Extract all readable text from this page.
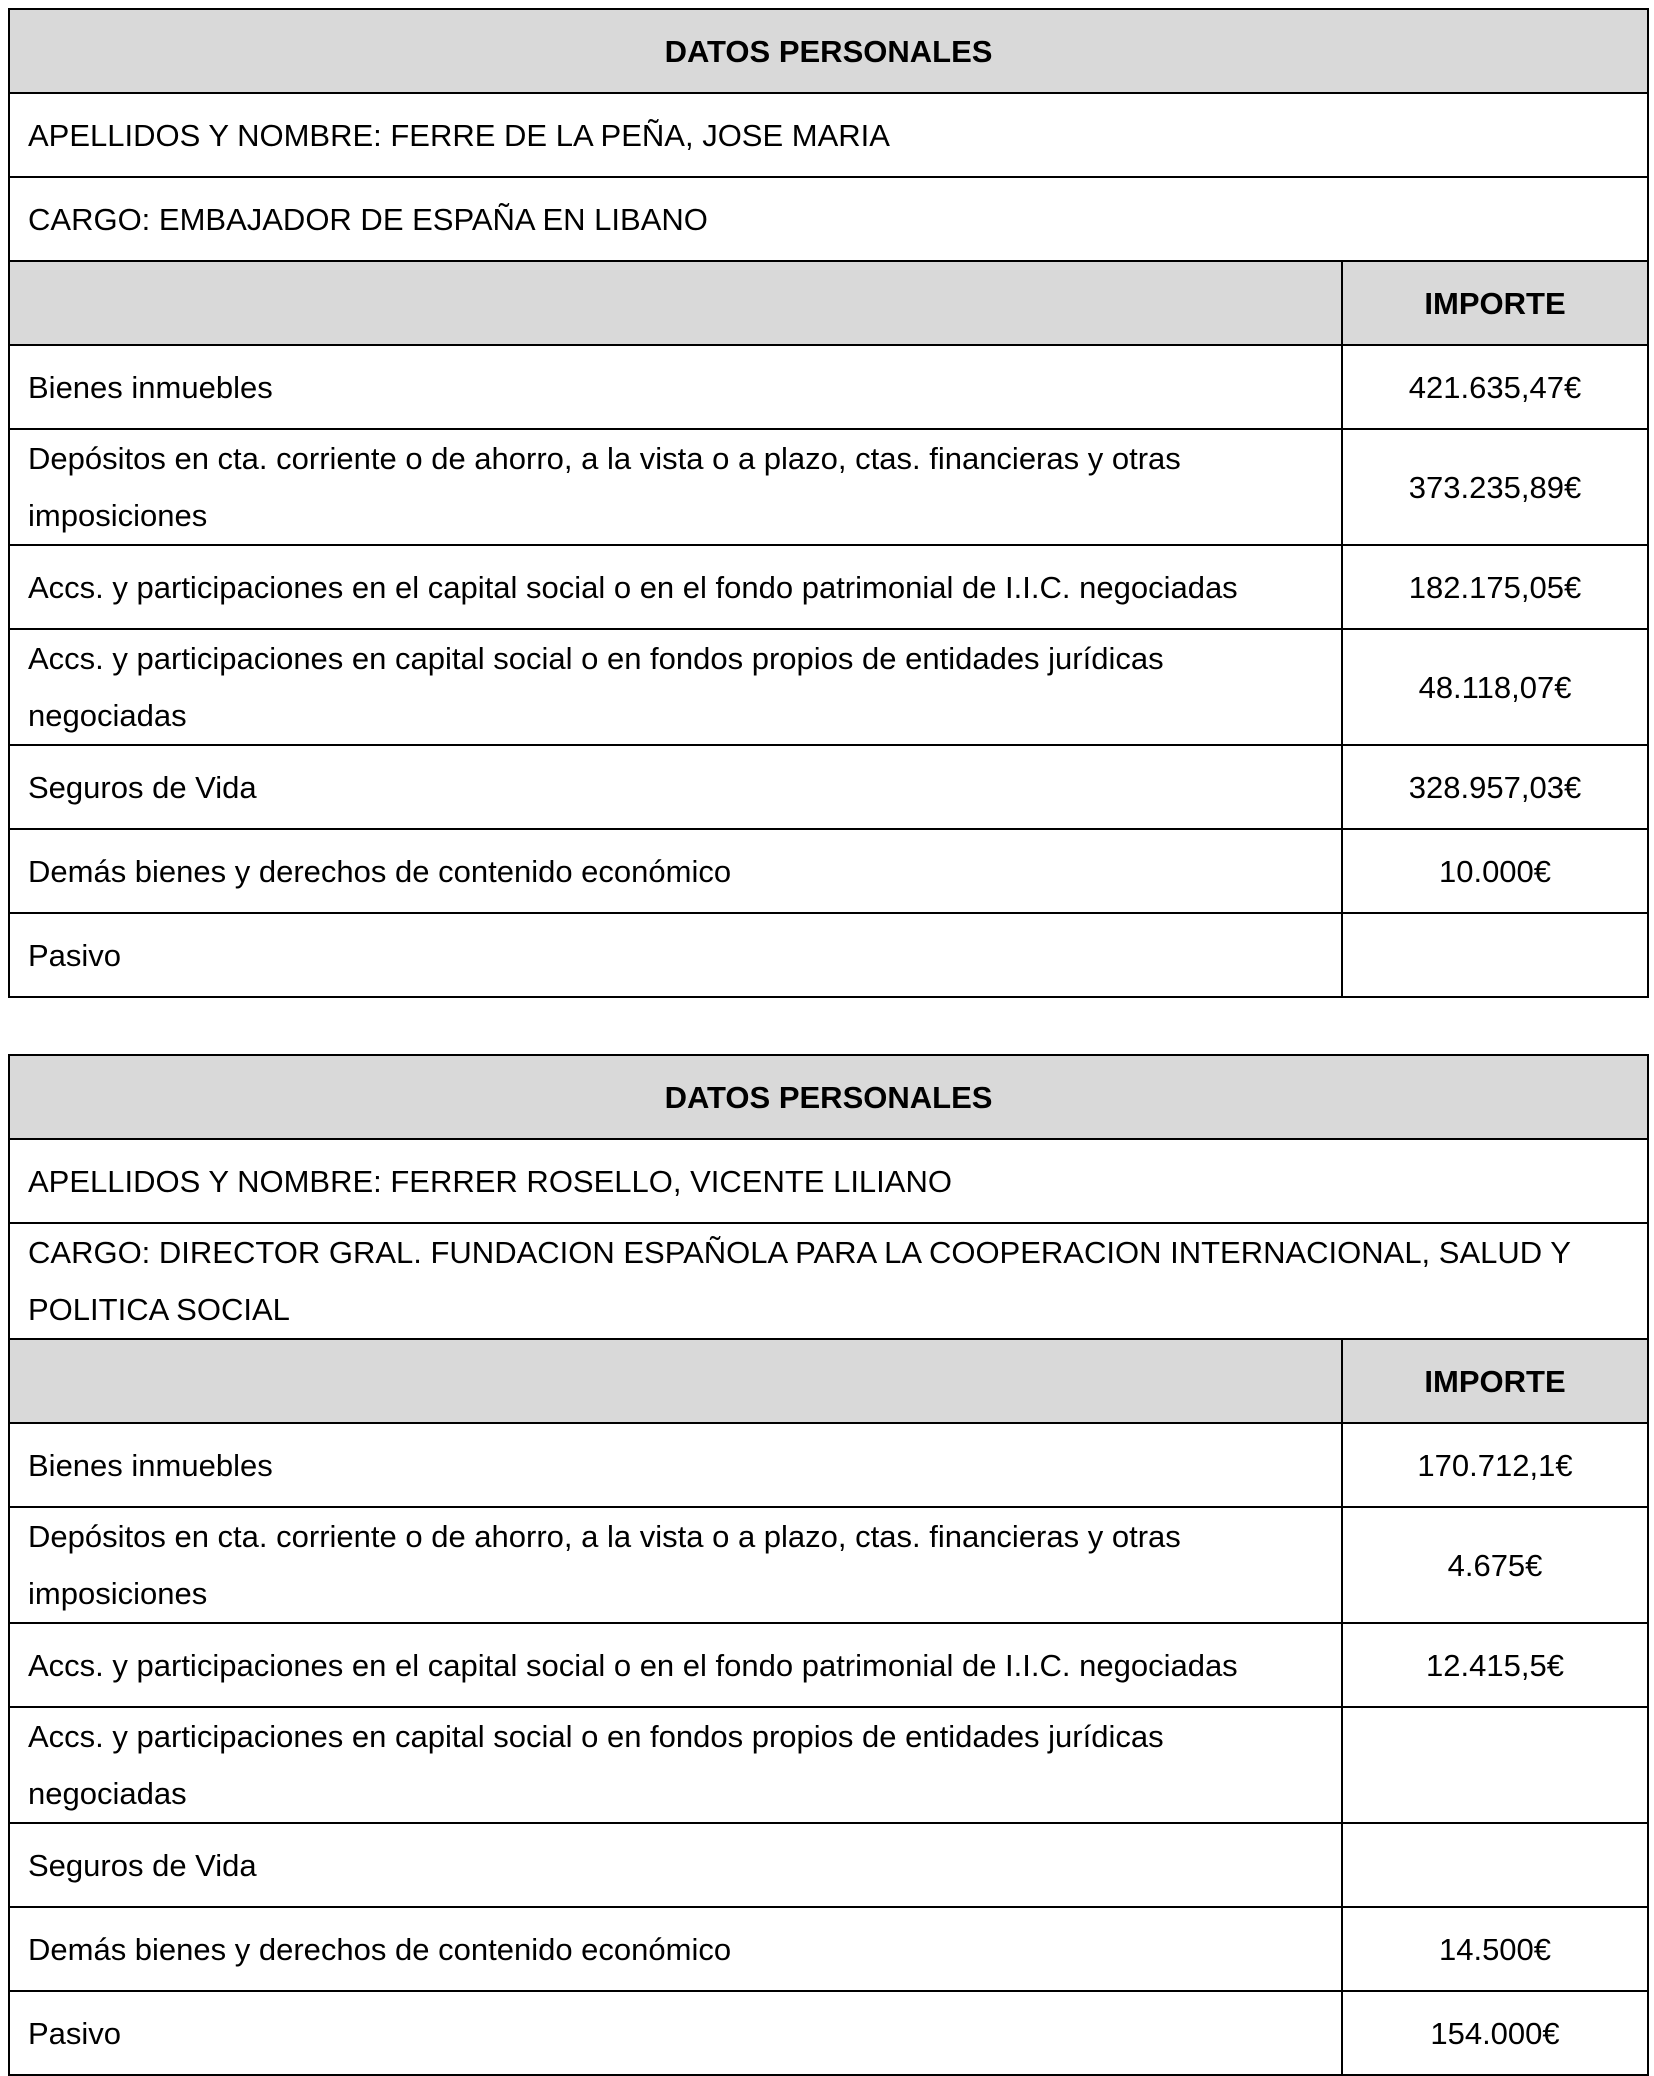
DATOS PERSONALES	
APELLIDOS Y NOMBRE: FERRE DE LA PEÑA, JOSE MARIA	
CARGO: EMBAJADOR DE ESPAÑA EN LIBANO	
	IMPORTE
Bienes inmuebles	421.635,47€
Depósitos en cta. corriente o de ahorro, a la vista o a plazo, ctas. financieras y otras imposiciones	373.235,89€
Accs. y participaciones en el capital social o en el fondo patrimonial de I.I.C. negociadas	182.175,05€
Accs. y participaciones en capital social o en fondos propios de entidades jurídicas negociadas	48.118,07€
Seguros de Vida	328.957,03€
Demás bienes y derechos de contenido económico	10.000€
Pasivo	
DATOS PERSONALES	
APELLIDOS Y NOMBRE: FERRER ROSELLO, VICENTE LILIANO	
CARGO: DIRECTOR GRAL. FUNDACION ESPAÑOLA PARA LA COOPERACION INTERNACIONAL, SALUD Y POLITICA SOCIAL	
	IMPORTE
Bienes inmuebles	170.712,1€
Depósitos en cta. corriente o de ahorro, a la vista o a plazo, ctas. financieras y otras imposiciones	4.675€
Accs. y participaciones en el capital social o en el fondo patrimonial de I.I.C. negociadas	12.415,5€
Accs. y participaciones en capital social o en fondos propios de entidades jurídicas negociadas	
Seguros de Vida	
Demás bienes y derechos de contenido económico	14.500€
Pasivo	154.000€
